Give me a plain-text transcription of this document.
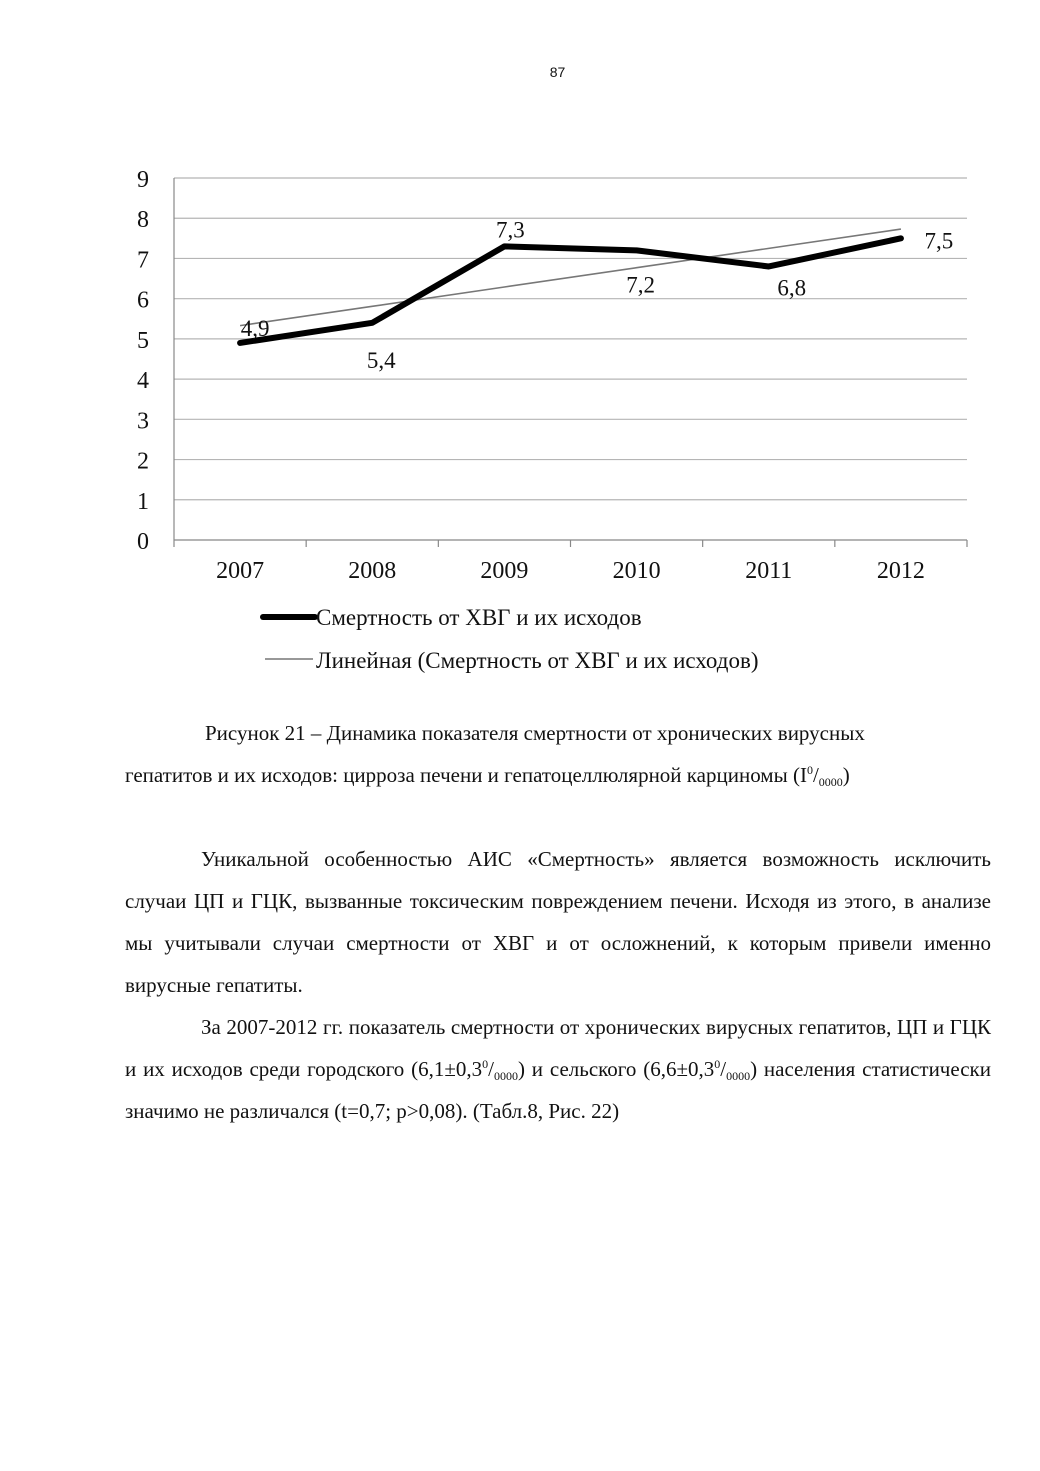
87
0
1
2
3
4
5
6
7
8
9
2007	2008	2009	2010	2011	2012
4,9
5,4
7,3
7,2	6,8
7,5
Смертность от ХВГ и их исходов
Линейная (Смертность от ХВГ и их исходов)
Рисунок 21 – Динамика показателя смертности от хронических вирусных
гепатитов и их исходов: цирроза печени и гепатоцеллюлярной карциномы $(I^0/_{0000})$

Уникальной особенностью АИС «Смертность» является возможность исключить случаи ЦП и ГЦК, вызванные токсическим повреждением печени. Исходя из этого, в анализе мы учитывали случаи смертности от ХВГ и от осложнений, к которым привели именно вирусные гепатиты.

За 2007-2012 гг. показатель смертности от хронических вирусных гепатитов, ЦП и ГЦК и их исходов среди городского $(6,1\pm 0,3^0/_{0000})$ и сельского $(6,6\pm 0,3^0/_{0000})$ населения статистически значимо не различался (t=0,7; p>0,08). (Табл.8, Рис. 22)
